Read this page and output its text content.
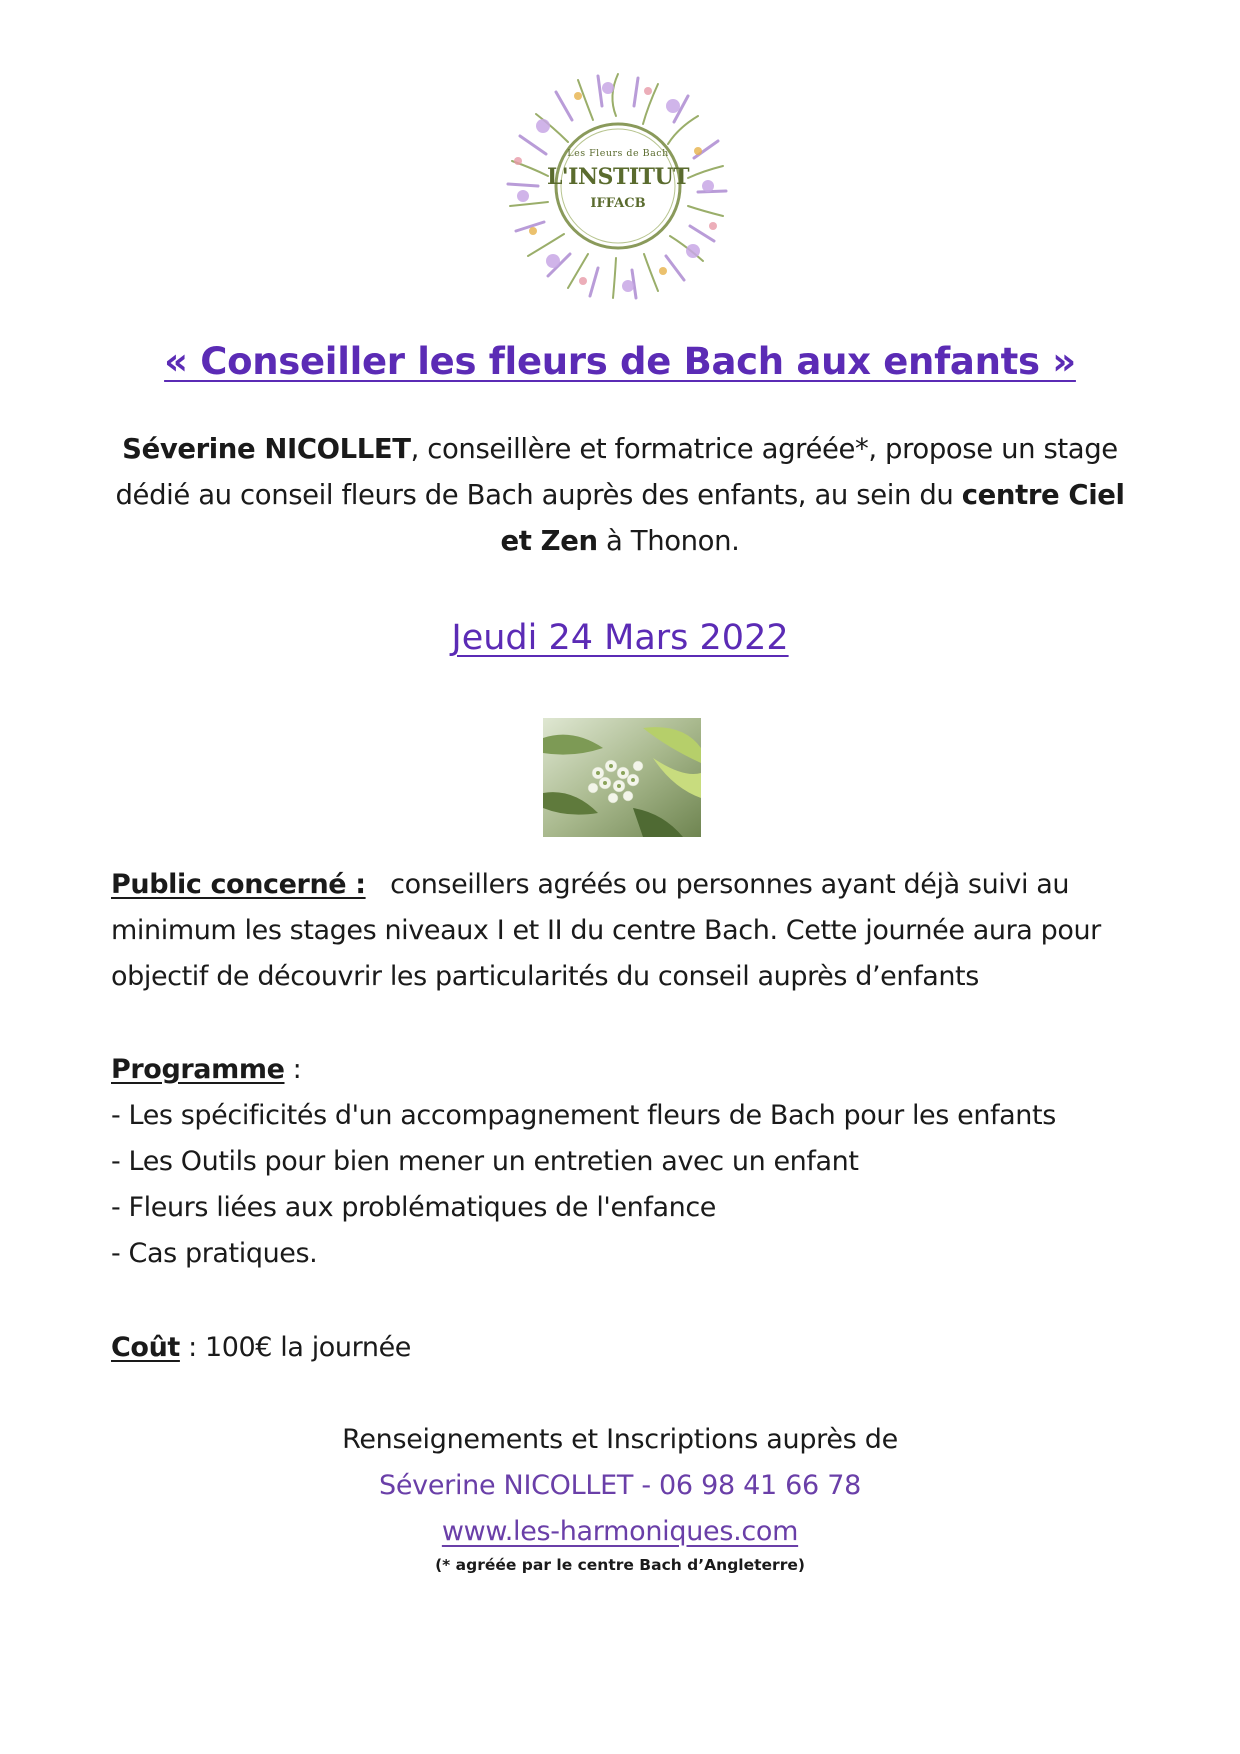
Les Fleurs de Bach
L'INSTITUT
IFFACB
« Conseiller les fleurs de Bach aux enfants »
Séverine NICOLLET, conseillère et formatrice agréée*, propose un stage dédié au conseil fleurs de Bach auprès des enfants, au sein du centre Ciel et Zen à Thonon.
Jeudi 24 Mars 2022
Public concerné : conseillers agréés ou personnes ayant déjà suivi au minimum les stages niveaux I et II du centre Bach. Cette journée aura pour objectif de découvrir les particularités du conseil auprès d’enfants
Programme :
- Les spécificités d'un accompagnement fleurs de Bach pour les enfants
- Les Outils pour bien mener un entretien avec un enfant
- Fleurs liées aux problématiques de l'enfance
- Cas pratiques.
Coût : 100€ la journée
Renseignements et Inscriptions auprès de
Séverine NICOLLET - 06 98 41 66 78
www.les-harmoniques.com
(* agréée par le centre Bach d’Angleterre)
